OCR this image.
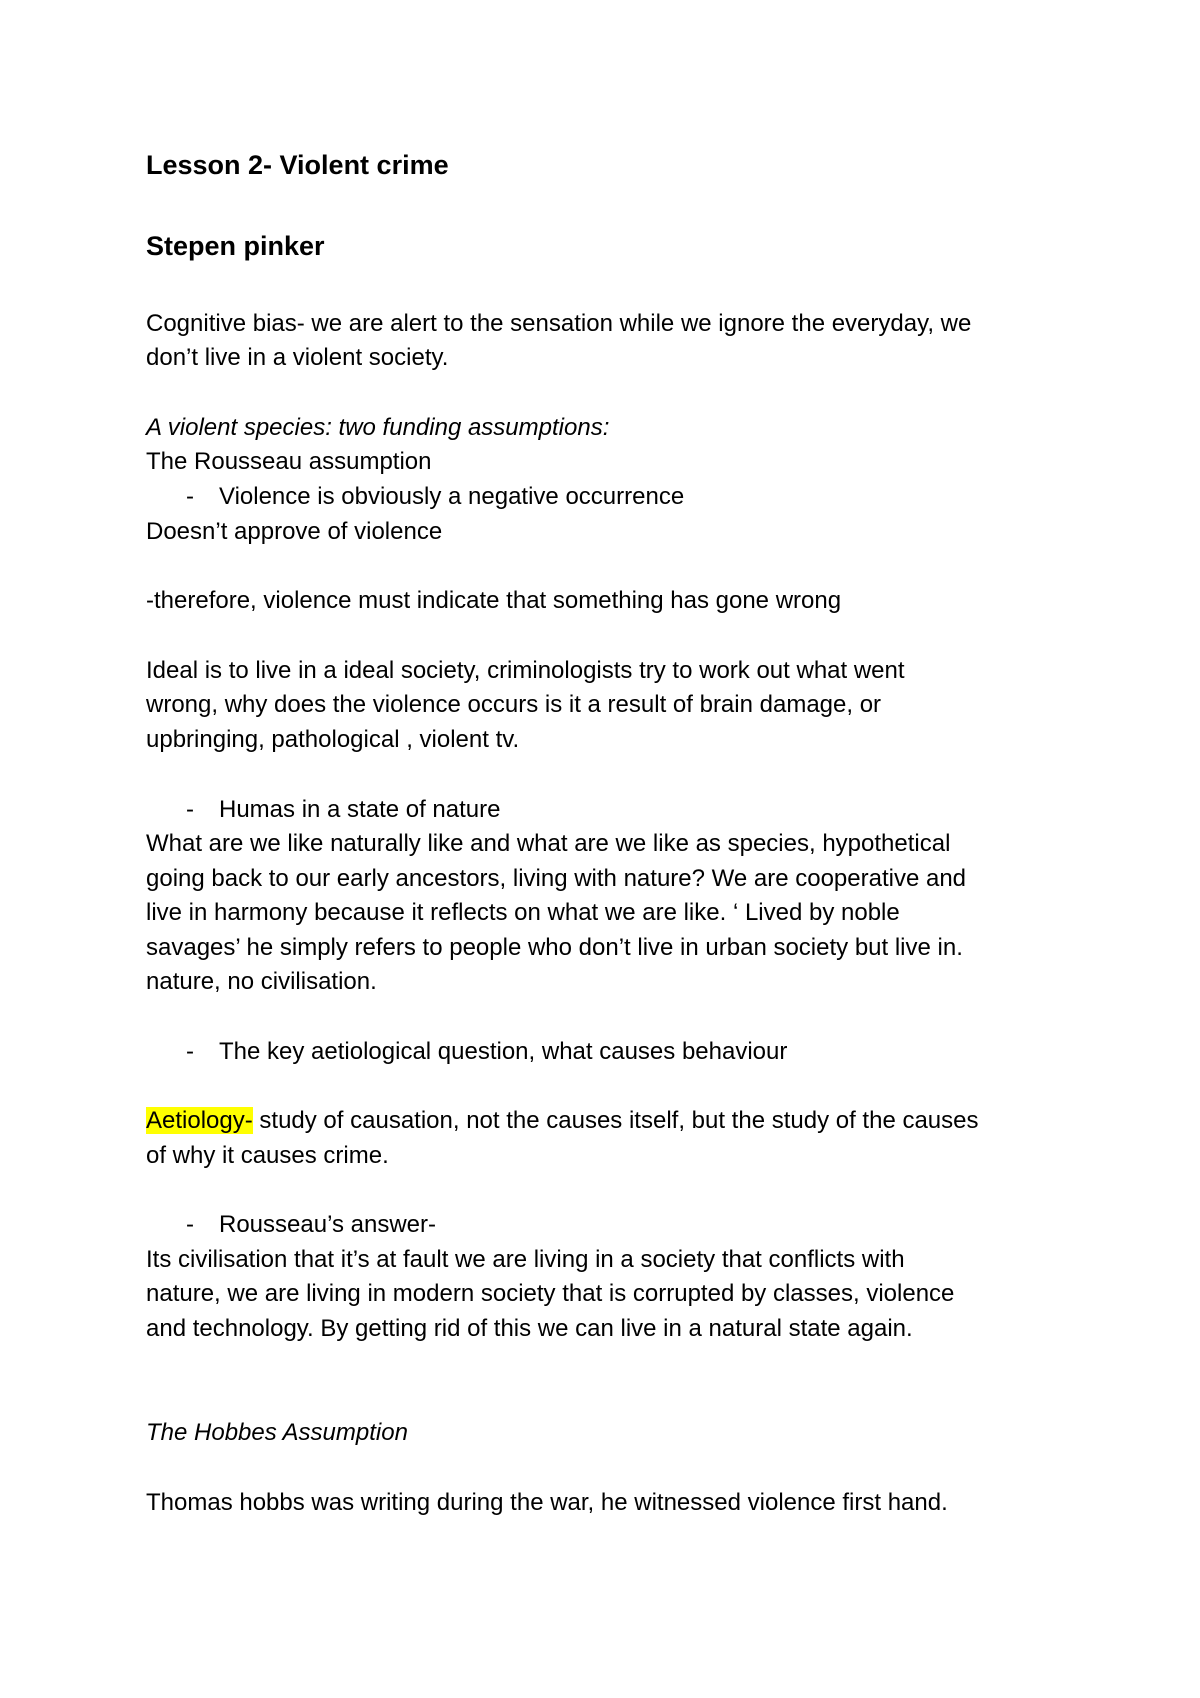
Lesson 2- Violent crime
Stepen pinker
Cognitive bias- we are alert to the sensation while we ignore the everyday, we
don’t live in a violent society.
A violent species: two funding assumptions:
The Rousseau assumption
- Violence is obviously a negative occurrence
Doesn’t approve of violence
-therefore, violence must indicate that something has gone wrong
Ideal is to live in a ideal society, criminologists try to work out what went
wrong, why does the violence occurs is it a result of brain damage, or
upbringing, pathological , violent tv.
- Humas in a state of nature
What are we like naturally like and what are we like as species, hypothetical
going back to our early ancestors, living with nature? We are cooperative and
live in harmony because it reflects on what we are like. ‘ Lived by noble
savages’ he simply refers to people who don’t live in urban society but live in.
nature, no civilisation.
- The key aetiological question, what causes behaviour
Aetiology- study of causation, not the causes itself, but the study of the causes
of why it causes crime.
- Rousseau’s answer-
Its civilisation that it’s at fault we are living in a society that conflicts with
nature, we are living in modern society that is corrupted by classes, violence
and technology. By getting rid of this we can live in a natural state again.
The Hobbes Assumption
Thomas hobbs was writing during the war, he witnessed violence first hand.
